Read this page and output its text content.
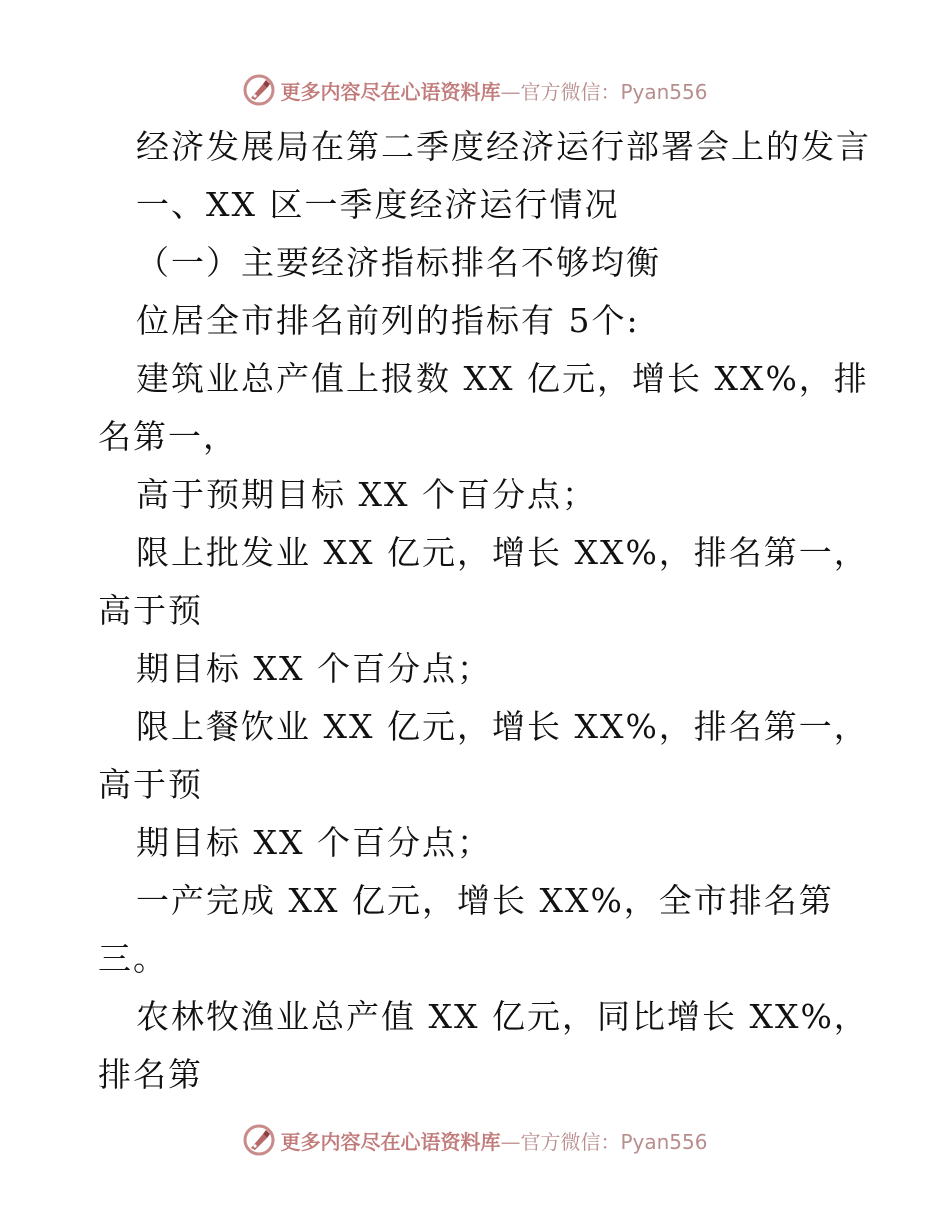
更多内容尽在心语资料库—官方微信：Pyan556
经济发展局在第二季度经济运行部署会上的发言
一、XX 区一季度经济运行情况
（一）主要经济指标排名不够均衡
位居全市排名前列的指标有 5个:
建筑业总产值上报数 XX 亿元，增长 XX%，排
名第一，
高于预期目标 XX 个百分点；
限上批发业 XX 亿元，增长 XX%，排名第一，
高于预
期目标 XX 个百分点；
限上餐饮业 XX 亿元，增长 XX%，排名第一，
高于预
期目标 XX 个百分点；
一产完成 XX 亿元，增长 XX%，全市排名第
三。
农林牧渔业总产值 XX 亿元，同比增长 XX%，
排名第
更多内容尽在心语资料库—官方微信：Pyan556
